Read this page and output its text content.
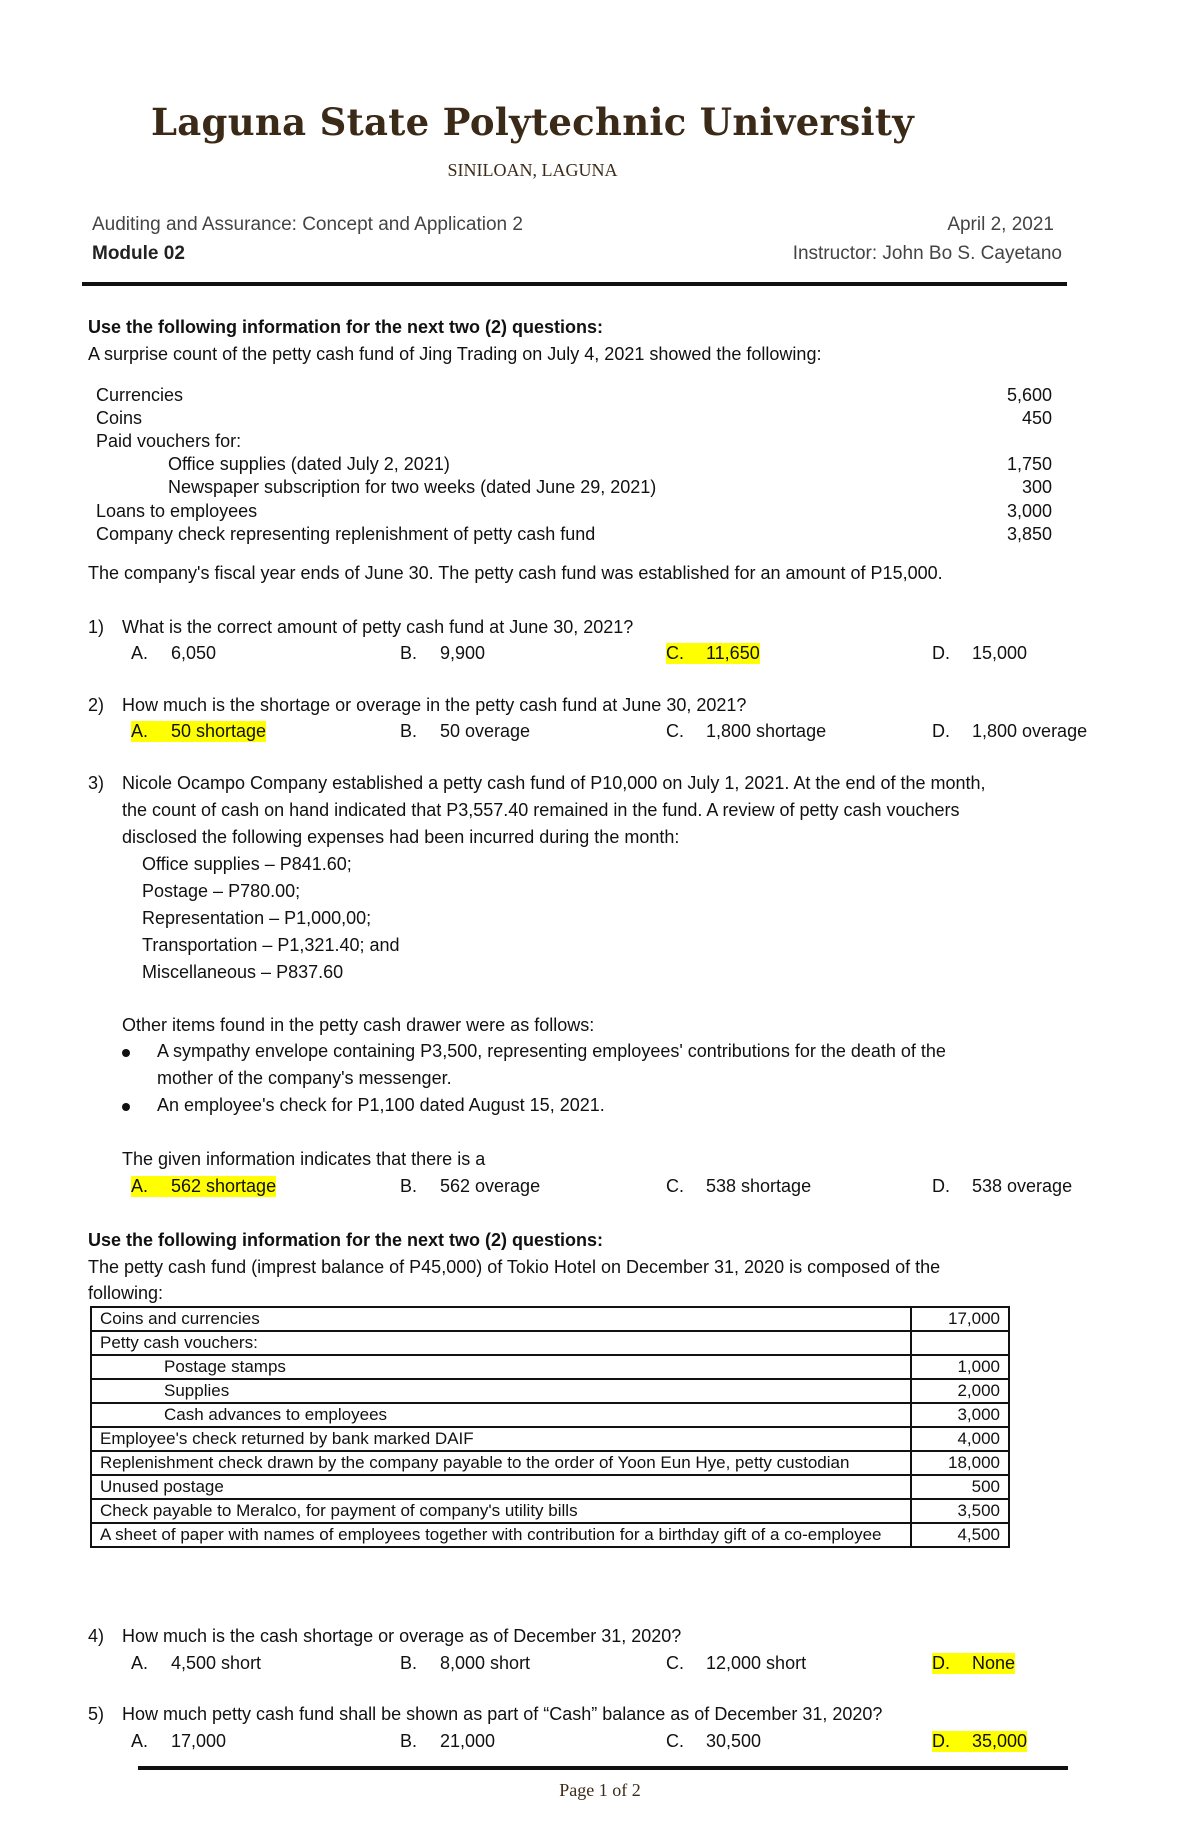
Laguna State Polytechnic University
SINILOAN, LAGUNA
Auditing and Assurance: Concept and Application 2	April 2, 2021
Module 02	Instructor: John Bo S. Cayetano
Use the following information for the next two (2) questions:
A surprise count of the petty cash fund of Jing Trading on July 4, 2021 showed the following:
Currencies	5,600
Coins	450
Paid vouchers for:
Office supplies (dated July 2, 2021)	1,750
Newspaper subscription for two weeks (dated June 29, 2021)	300
Loans to employees	3,000
Company check representing replenishment of petty cash fund	3,850
The company's fiscal year ends of June 30. The petty cash fund was established for an amount of P15,000.
1) What is the correct amount of petty cash fund at June 30, 2021?
A. 6,050	B. 9,900	C. 11,650	D. 15,000
2) How much is the shortage or overage in the petty cash fund at June 30, 2021?
A. 50 shortage	B. 50 overage	C. 1,800 shortage	D. 1,800 overage
3) Nicole Ocampo Company established a petty cash fund of P10,000 on July 1, 2021. At the end of the month,
the count of cash on hand indicated that P3,557.40 remained in the fund. A review of petty cash vouchers
disclosed the following expenses had been incurred during the month:
Office supplies – P841.60;
Postage – P780.00;
Representation – P1,000,00;
Transportation – P1,321.40; and
Miscellaneous – P837.60
Other items found in the petty cash drawer were as follows:
A sympathy envelope containing P3,500, representing employees' contributions for the death of the
mother of the company's messenger.
An employee's check for P1,100 dated August 15, 2021.
The given information indicates that there is a
A. 562 shortage	B. 562 overage	C. 538 shortage	D. 538 overage
Use the following information for the next two (2) questions:
The petty cash fund (imprest balance of P45,000) of Tokio Hotel on December 31, 2020 is composed of the
following:
Coins and currencies	17,000
Petty cash vouchers:	
Postage stamps	1,000
Supplies	2,000
Cash advances to employees	3,000
Employee's check returned by bank marked DAIF	4,000
Replenishment check drawn by the company payable to the order of Yoon Eun Hye, petty custodian	18,000
Unused postage	500
Check payable to Meralco, for payment of company's utility bills	3,500
A sheet of paper with names of employees together with contribution for a birthday gift of a co-employee	4,500
4) How much is the cash shortage or overage as of December 31, 2020?
A. 4,500 short	B. 8,000 short	C. 12,000 short	D. None
5) How much petty cash fund shall be shown as part of “Cash” balance as of December 31, 2020?
A. 17,000	B. 21,000	C. 30,500	D. 35,000
Page 1 of 2
